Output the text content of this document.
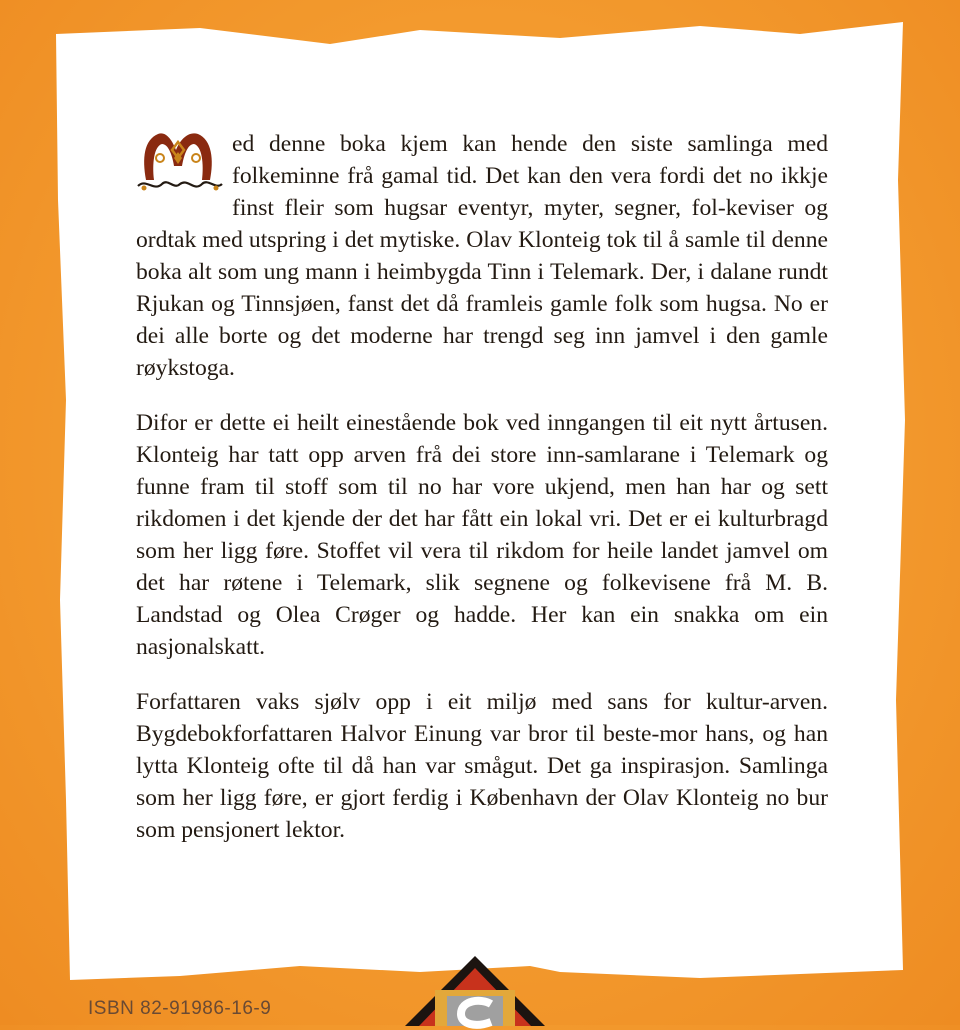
ed denne boka kjem kan hende den siste samlinga med folkeminne frå gamal tid. Det kan den vera fordi det no ikkje finst fleir som hugsar eventyr, myter, segner, fol-keviser og ordtak med utspring i det mytiske. Olav Klonteig tok til å samle til denne boka alt som ung mann i heimbygda Tinn i Telemark. Der, i dalane rundt Rjukan og Tinnsjøen, fanst det då framleis gamle folk som hugsa. No er dei alle borte og det moderne har trengd seg inn jamvel i den gamle røykstoga.

Difor er dette ei heilt einestående bok ved inngangen til eit nytt årtusen. Klonteig har tatt opp arven frå dei store inn-samlarane i Telemark og funne fram til stoff som til no har vore ukjend, men han har og sett rikdomen i det kjende der det har fått ein lokal vri. Det er ei kulturbragd som her ligg føre. Stoffet vil vera til rikdom for heile landet jamvel om det har røtene i Telemark, slik segnene og folkevisene frå M. B. Landstad og Olea Crøger og hadde. Her kan ein snakka om ein nasjonalskatt.

Forfattaren vaks sjølv opp i eit miljø med sans for kultur-arven. Bygdebokforfattaren Halvor Einung var bror til beste-mor hans, og han lytta Klonteig ofte til då han var smågut. Det ga inspirasjon. Samlinga som her ligg føre, er gjort ferdig i København der Olav Klonteig no bur som pensjonert lektor.

ISBN 82-91986-16-9
